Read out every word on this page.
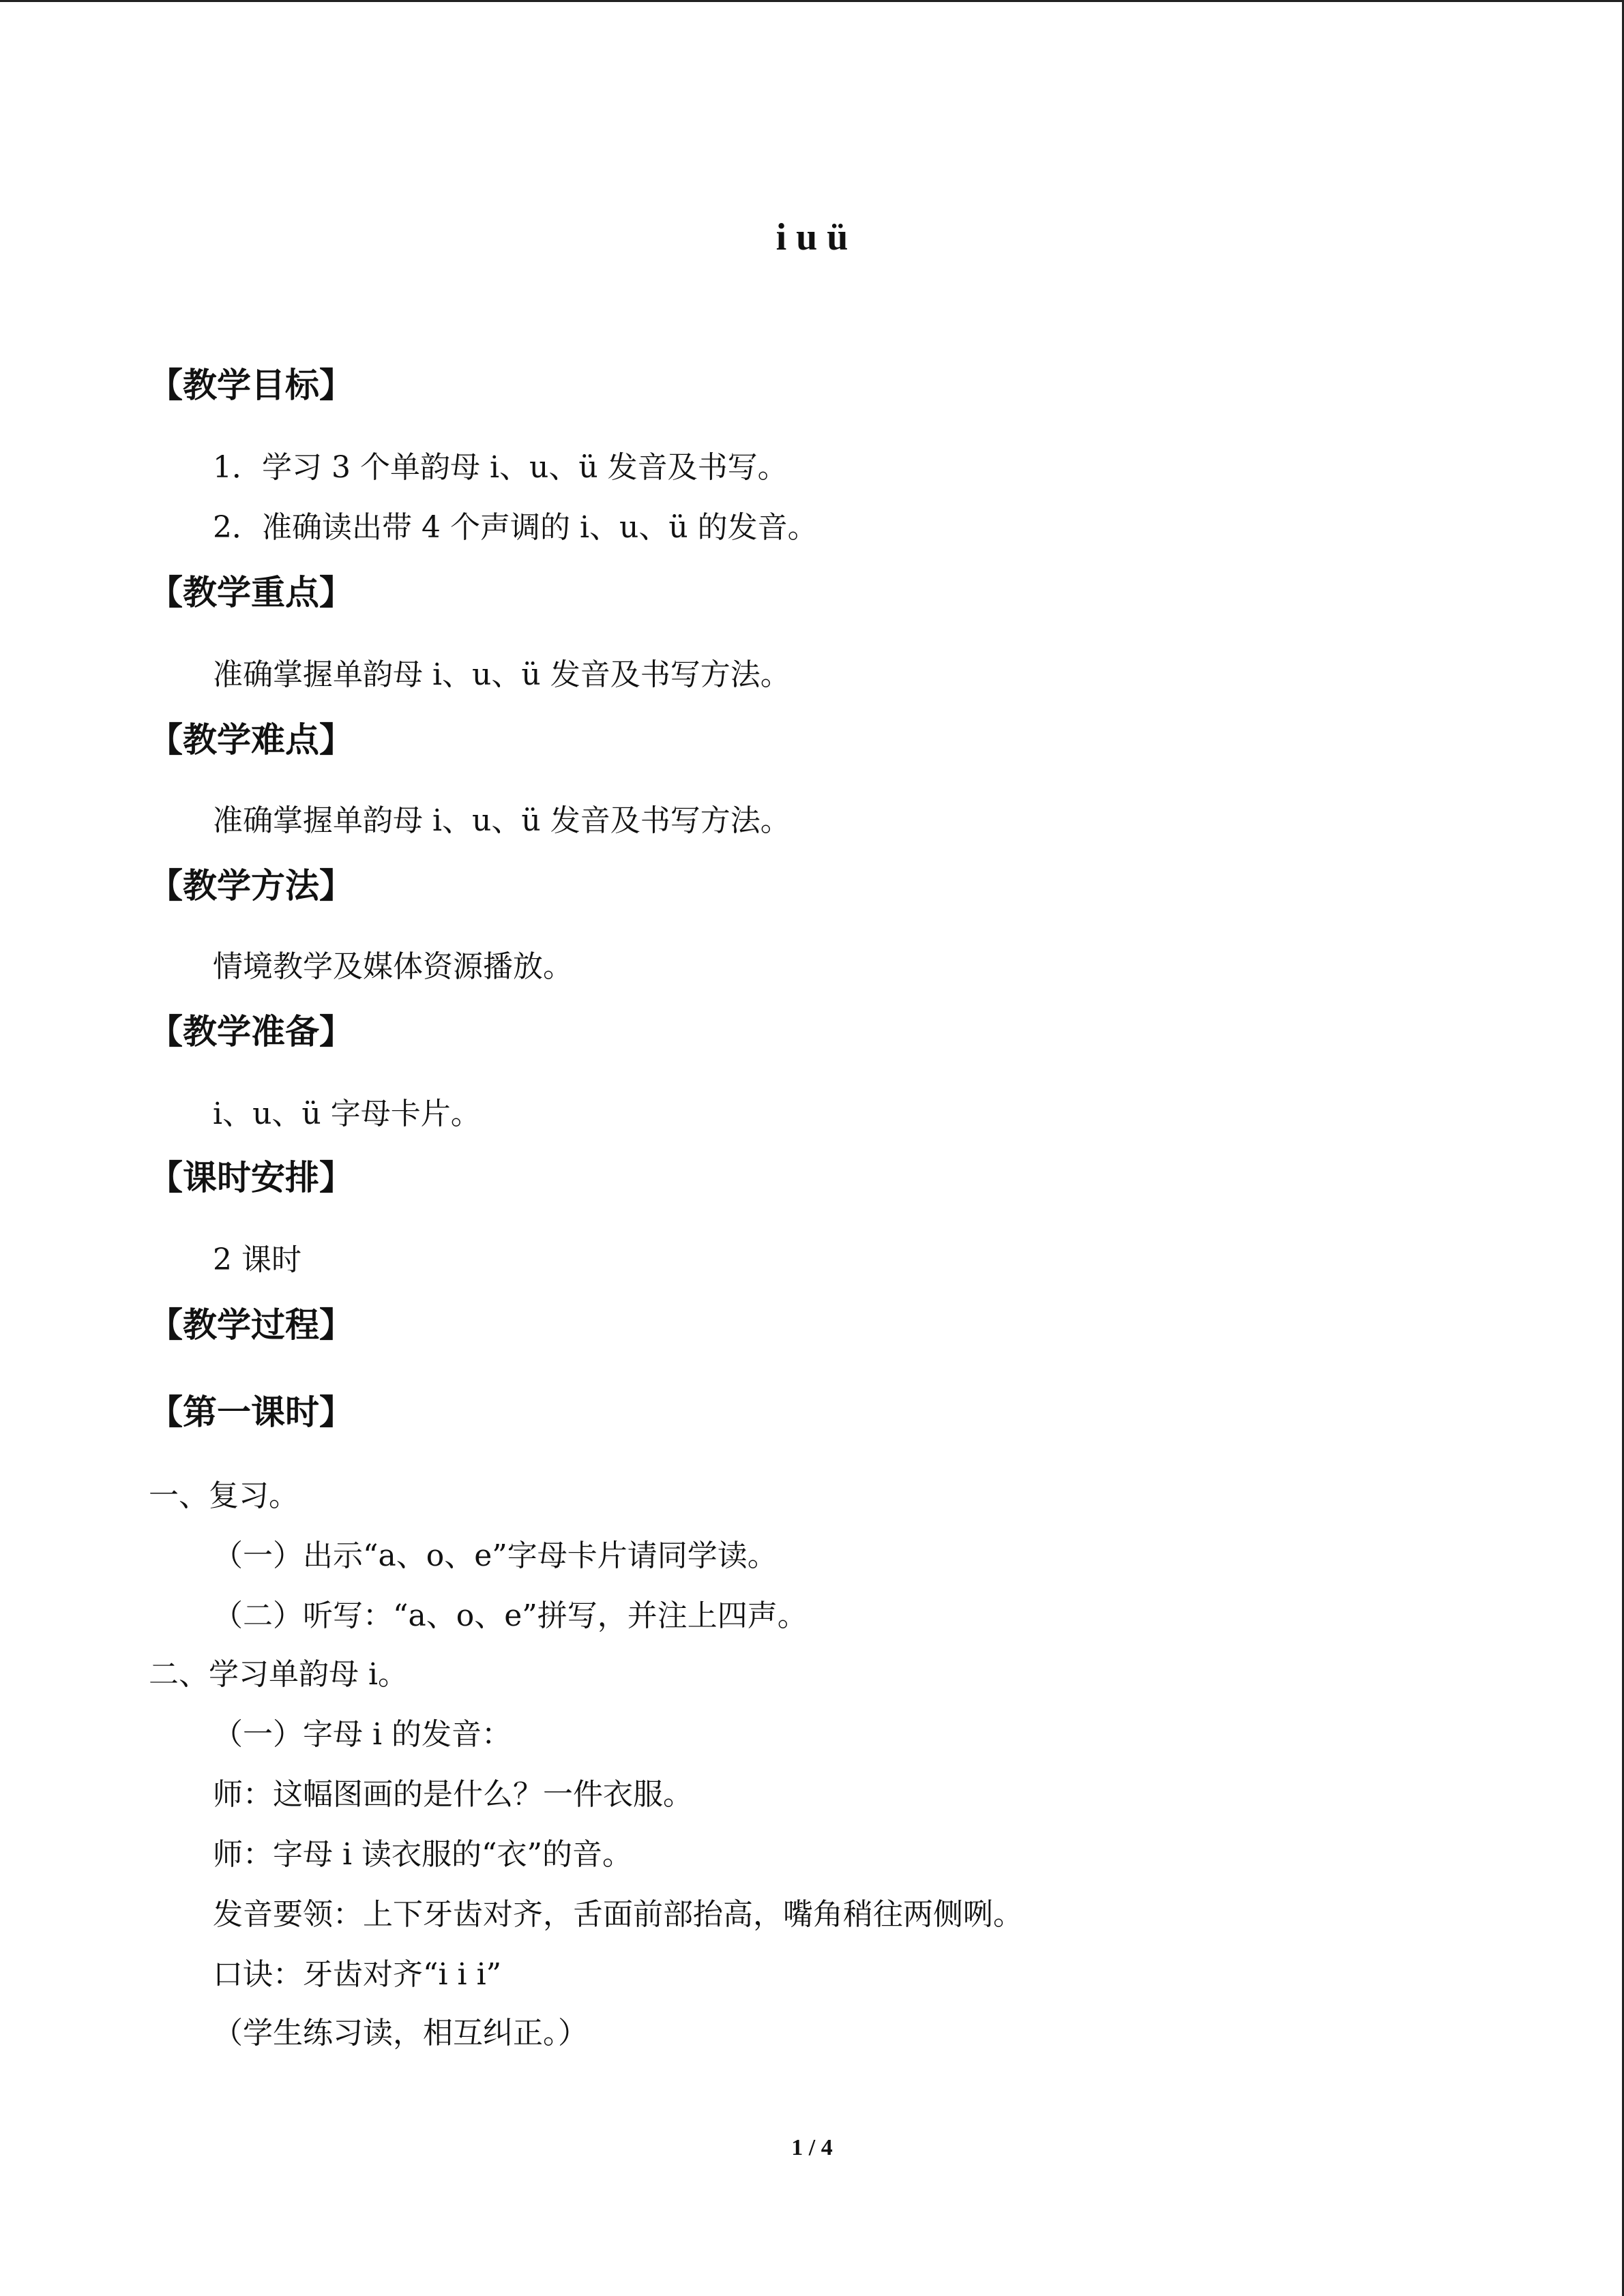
i u ü
【教学目标】
1．学习 3 个单韵母 i、u、ü 发音及书写。
2．准确读出带 4 个声调的 i、u、ü 的发音。
【教学重点】
准确掌握单韵母 i、u、ü 发音及书写方法。
【教学难点】
准确掌握单韵母 i、u、ü 发音及书写方法。
【教学方法】
情境教学及媒体资源播放。
【教学准备】
i、u、ü 字母卡片。
【课时安排】
2 课时
【教学过程】
【第一课时】
一、复习。
（一）出示“a、o、e”字母卡片请同学读。
（二）听写：“a、o、e”拼写，并注上四声。
二、学习单韵母 i。
（一）字母 i 的发音：
师：这幅图画的是什么？一件衣服。
师：字母 i 读衣服的“衣”的音。
发音要领：上下牙齿对齐，舌面前部抬高，嘴角稍往两侧咧。
口诀：牙齿对齐“i i i”
（学生练习读，相互纠正。）
1 / 4
